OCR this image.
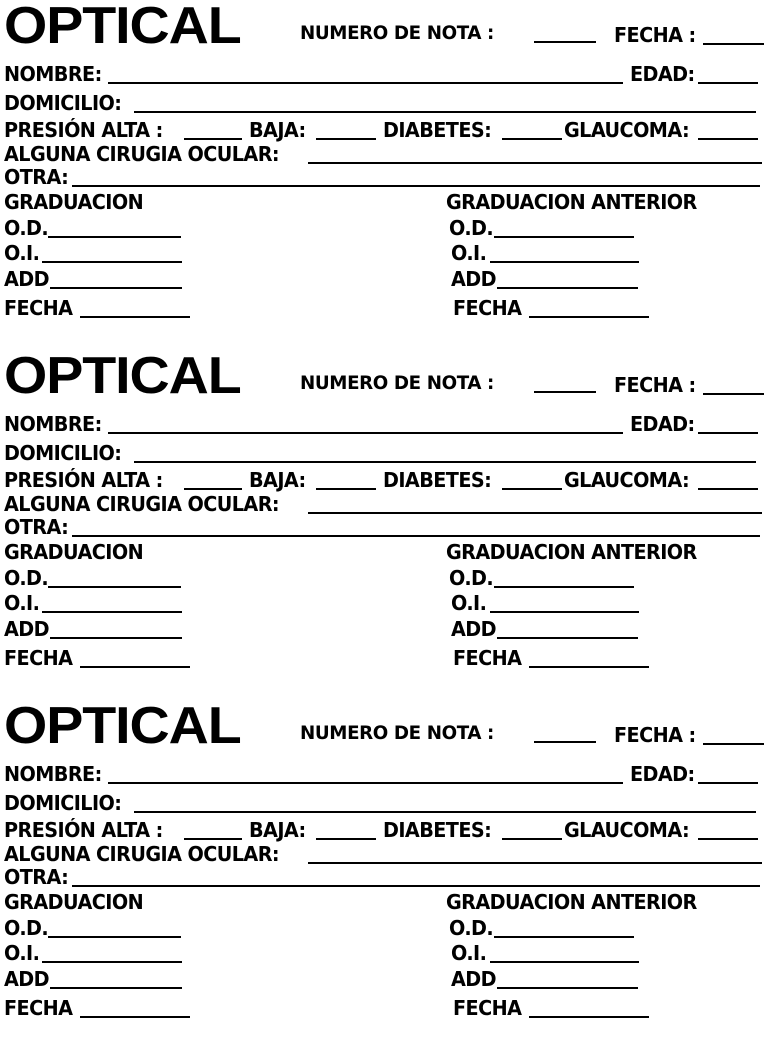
OPTICAL	NUMERO DE NOTA :	FECHA :
NOMBRE:	EDAD:
DOMICILIO:
PRESIÓN ALTA :	BAJA:	DIABETES:	GLAUCOMA:
ALGUNA CIRUGIA OCULAR:
OTRA:
GRADUACION	GRADUACION ANTERIOR
O.D.	O.D.
O.I.	O.I.
ADD	ADD
FECHA	FECHA
OPTICAL	NUMERO DE NOTA :	FECHA :
NOMBRE:	EDAD:
DOMICILIO:
PRESIÓN ALTA :	BAJA:	DIABETES:	GLAUCOMA:
ALGUNA CIRUGIA OCULAR:
OTRA:
GRADUACION	GRADUACION ANTERIOR
O.D.	O.D.
O.I.	O.I.
ADD	ADD
FECHA	FECHA
OPTICAL	NUMERO DE NOTA :	FECHA :
NOMBRE:	EDAD:
DOMICILIO:
PRESIÓN ALTA :	BAJA:	DIABETES:	GLAUCOMA:
ALGUNA CIRUGIA OCULAR:
OTRA:
GRADUACION	GRADUACION ANTERIOR
O.D.	O.D.
O.I.	O.I.
ADD	ADD
FECHA	FECHA
